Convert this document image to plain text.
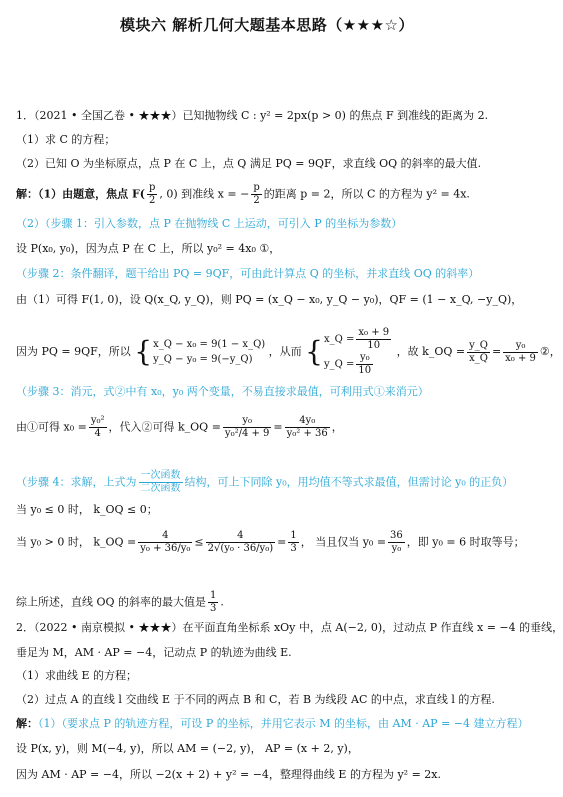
模块六 解析几何大题基本思路（★★★☆）
1．（2021 • 全国乙卷 • ★★★）已知抛物线 C : y² = 2px(p > 0) 的焦点 F 到准线的距离为 2.
（1）求 C 的方程；
（2）已知 O 为坐标原点，点 P 在 C 上，点 Q 满足 PQ = 9QF，求直线 OQ 的斜率的最大值.
解：（1）由题意，焦点 $F( \frac{p}{2}$ , 0) 到准线 x = − $\frac{p}{2}$ 的距离 p = 2，所以 C 的方程为 y² = 4x.
（2）（步骤 1：引入参数，点 P 在抛物线 C 上运动，可引入 P 的坐标为参数）
设 P(x₀, y₀)，因为点 P 在 C 上，所以 y₀² = 4x₀ ①，
（步骤 2：条件翻译，题干给出 PQ = 9QF，可由此计算点 Q 的坐标，并求直线 OQ 的斜率）
由（1）可得 F(1, 0)，设 Q(x_Q, y_Q)，则 PQ = (x_Q − x₀, y_Q − y₀)，QF = (1 − x_Q, −y_Q)，
因为 PQ = 9QF，所以 { x_Q − x₀ = 9(1 − x_Q)
y_Q − y₀ = 9(−y_Q)
，从而 { x_Q = $\frac{\text{x₀ + 9}}{10}$
y_Q = $\frac{\text{y₀}}{10}$
，故 k_OQ = $\frac{y\_Q}{x\_Q} = \frac{\text{y₀}}{\text{x₀ + 9}}$ ②，
（步骤 3：消元，式②中有 x₀，y₀ 两个变量，不易直接求最值，可利用式①来消元）
由①可得 $x_0 = \frac{\text{y₀²}}{4}$ ，代入②可得 k_OQ = $\frac{\text{y₀}}{\text{y₀²/4 + 9}} = \frac{\text{4y₀}}{\text{y₀² + 36}}$ ，
（步骤 4：求解，上式为 $\frac{\text{一次函数}}{\text{二次函数}}$ 结构，可上下同除 y₀，用均值不等式求最值，但需讨论 y₀ 的正负）
当 y₀ ≤ 0 时， k_OQ ≤ 0；
当 y₀ > 0 时， k_OQ = $\frac{4}{\text{y₀ + 36/y₀}} \le \frac{4}{\text{2√(y₀ · 36/y₀)}} = \frac{1}{3}$ ， 当且仅当 $y_0 = \frac{36}{\text{y₀}}$ ，即 y₀ = 6 时取等号；
综上所述，直线 OQ 的斜率的最大值是 $\frac{1}{3}$ .
2．（2022 • 南京模拟 • ★★★）在平面直角坐标系 xOy 中，点 A(−2, 0)，过动点 P 作直线 x = −4 的垂线，
垂足为 M，AM · AP = −4，记动点 P 的轨迹为曲线 E.
（1）求曲线 E 的方程；
（2）过点 A 的直线 l 交曲线 E 于不同的两点 B 和 C，若 B 为线段 AC 的中点，求直线 l 的方程.
解：（1）（要求点 P 的轨迹方程，可设 P 的坐标，并用它表示 M 的坐标，由 AM · AP = −4 建立方程）
设 P(x, y)，则 M(−4, y)，所以 AM = (−2, y)， AP = (x + 2, y)，
因为 AM · AP = −4，所以 −2(x + 2) + y² = −4，整理得曲线 E 的方程为 y² = 2x.
